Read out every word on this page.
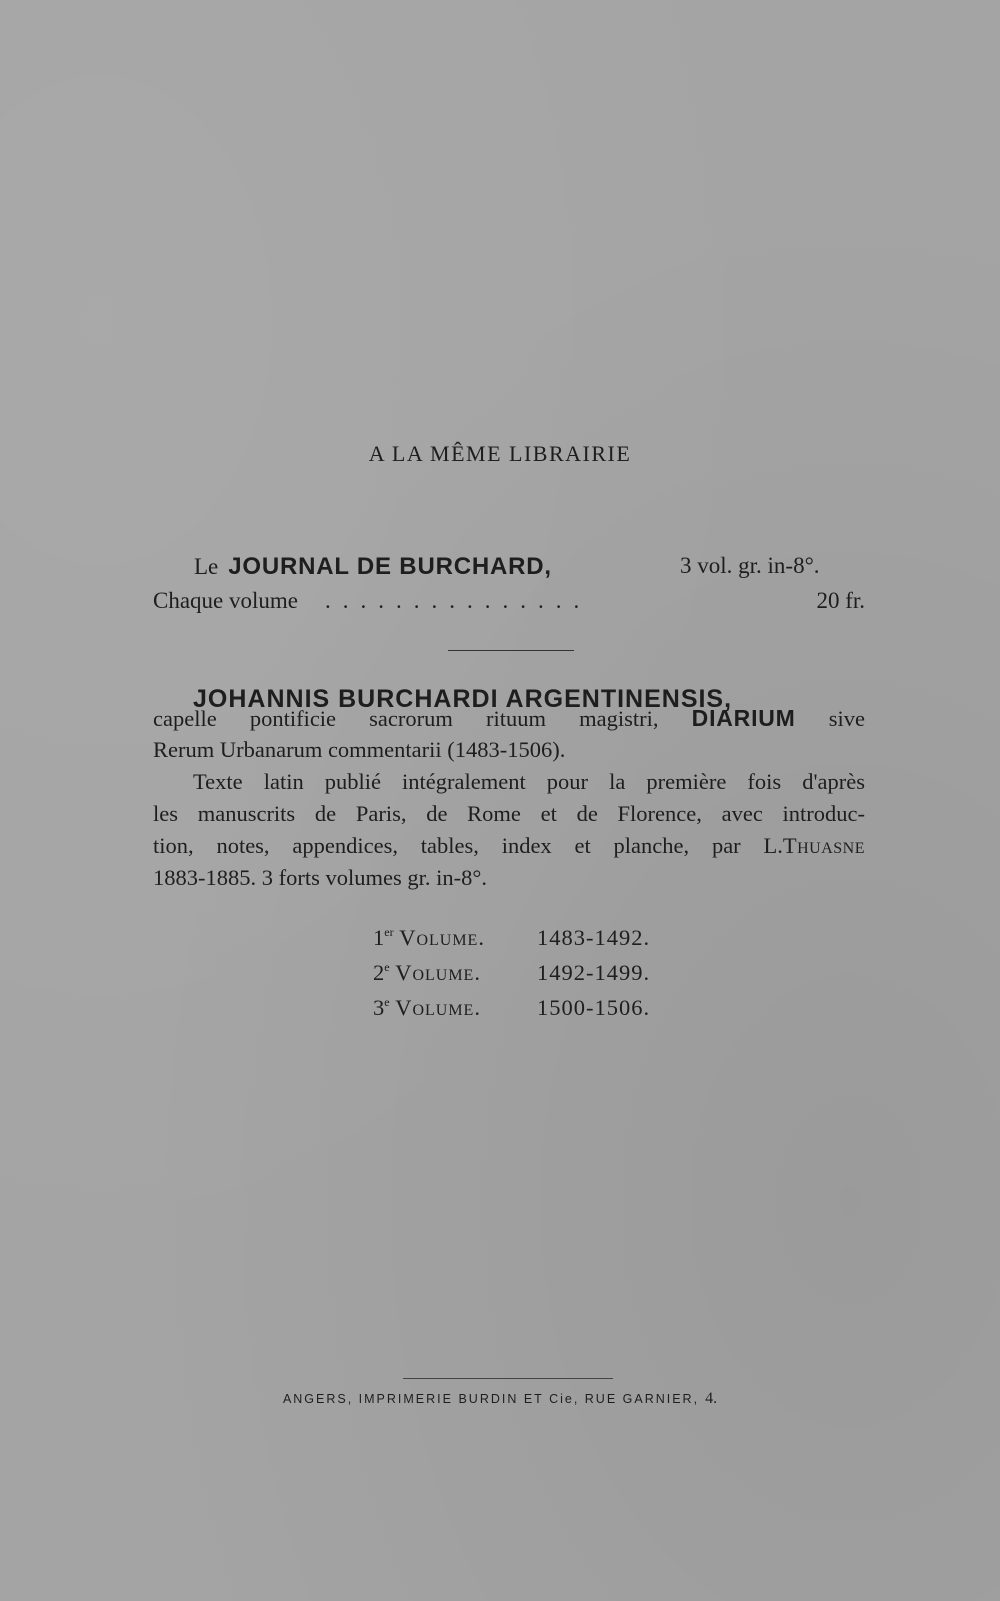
A LA MÊME LIBRAIRIE
Le JOURNAL DE BURCHARD,	3 vol. gr. in-8°.
Chaque volume ...............	20 fr.
JOHANNIS BURCHARDI ARGENTINENSIS,
capelle pontificie sacrorum rituum magistri, DIARIUM sive
Rerum Urbanarum commentarii (1483-1506).
Texte latin publié intégralement pour la première fois d'après
les manuscrits de Paris, de Rome et de Florence, avec introduc-
tion, notes, appendices, tables, index et planche, par L.Thuasne
1883-1885. 3 forts volumes gr. in-8°.
1er Volume. 1483-1492.
2e Volume. 1492-1499.
3e Volume. 1500-1506.
ANGERS, IMPRIMERIE BURDIN ET Cie, RUE GARNIER, 4.
